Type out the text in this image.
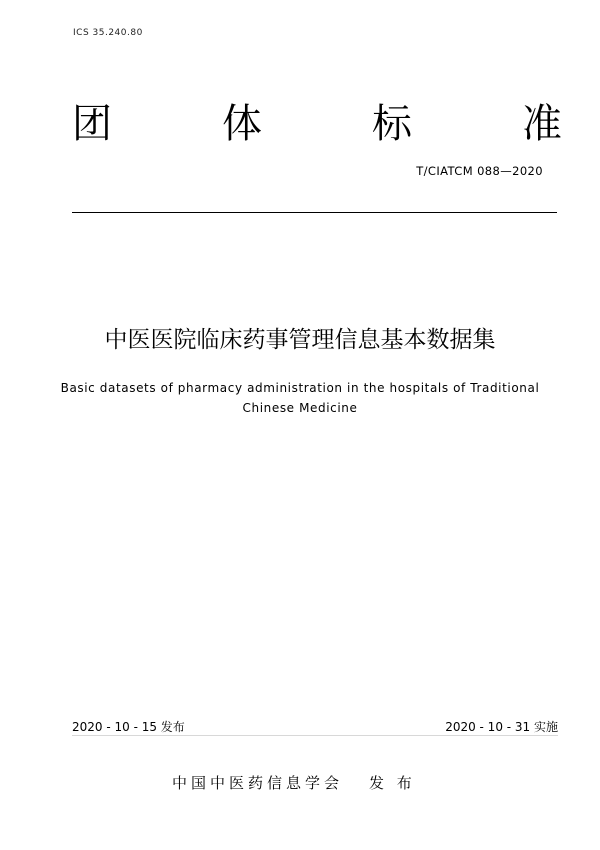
ICS 35.240.80
团	体	标	准
T/CIATCM 088—2020
中医医院临床药事管理信息基本数据集
Basic datasets of pharmacy administration in the hospitals of Traditional
Chinese Medicine
2020 - 10 - 15 发布	2020 - 10 - 31 实施
中国中医药信息学会 发 布
